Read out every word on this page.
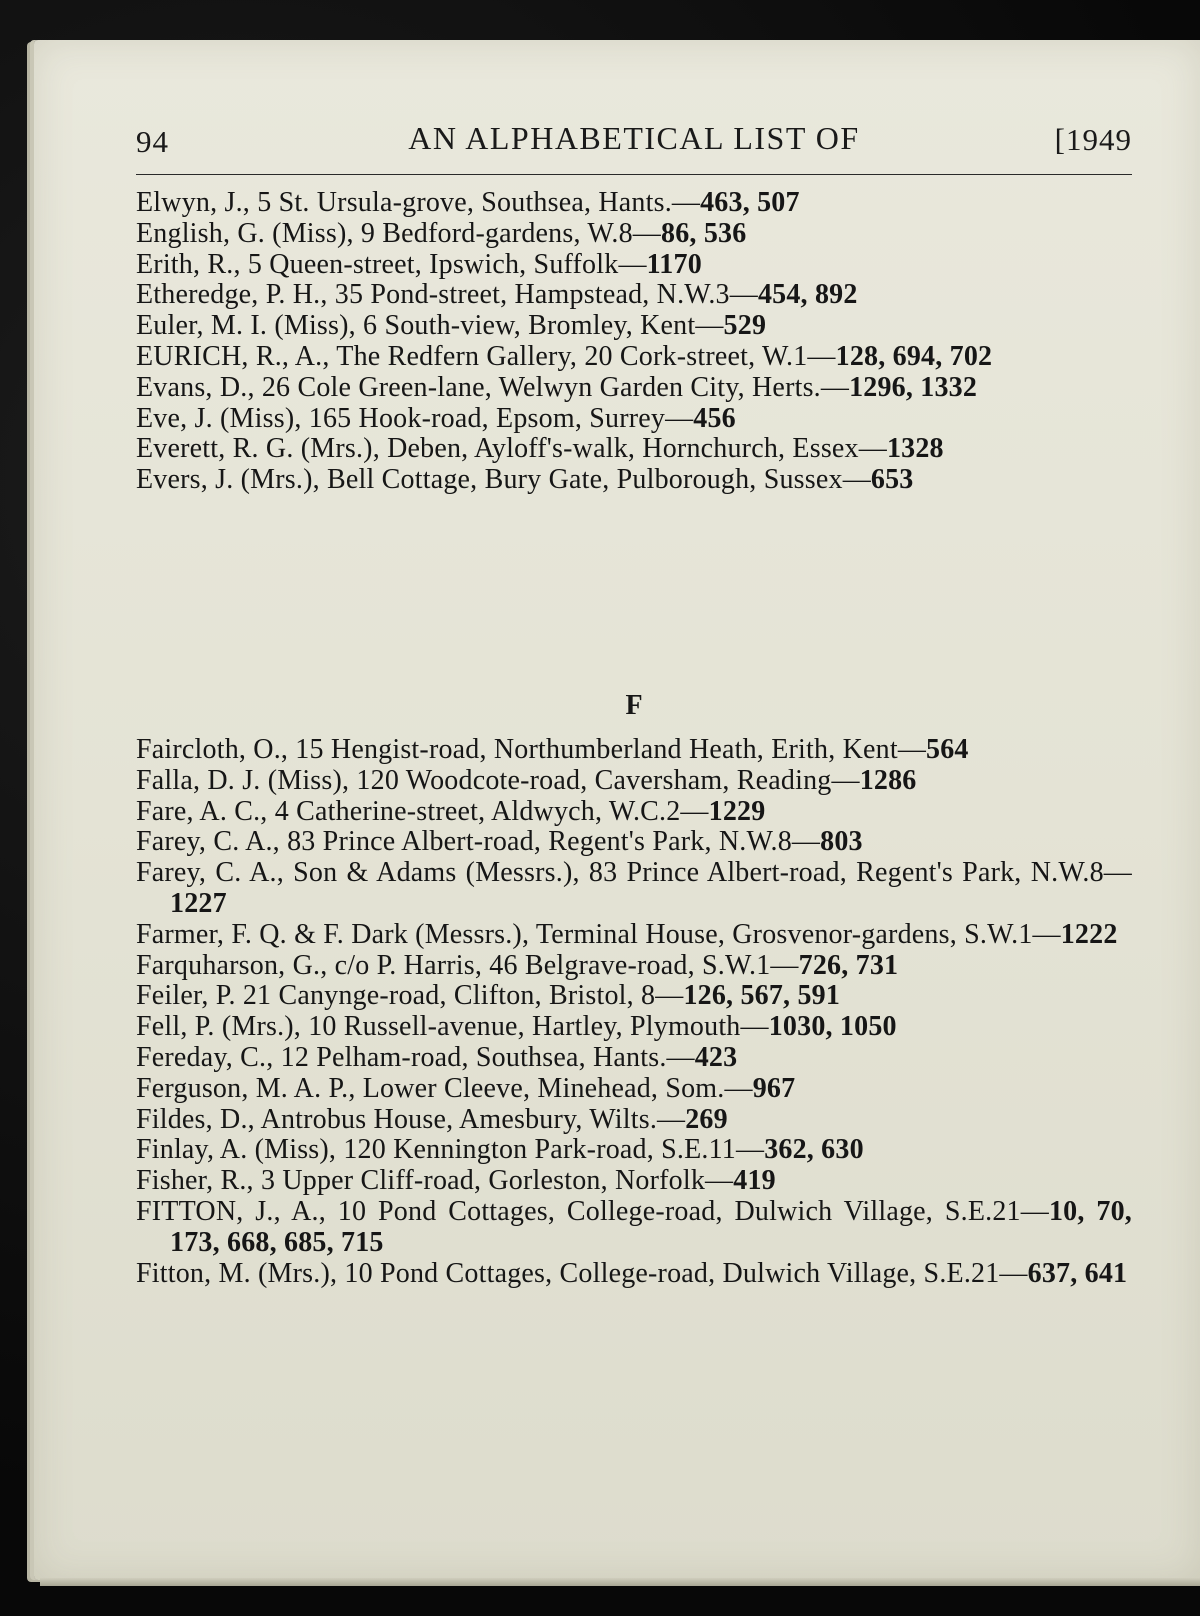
94	AN ALPHABETICAL LIST OF	[1949
Elwyn, J., 5 St. Ursula-grove, Southsea, Hants.—463, 507
English, G. (Miss), 9 Bedford-gardens, W.8—86, 536
Erith, R., 5 Queen-street, Ipswich, Suffolk—1170
Etheredge, P. H., 35 Pond-street, Hampstead, N.W.3—454, 892
Euler, M. I. (Miss), 6 South-view, Bromley, Kent—529
EURICH, R., A., The Redfern Gallery, 20 Cork-street, W.1—128, 694, 702
Evans, D., 26 Cole Green-lane, Welwyn Garden City, Herts.—1296, 1332
Eve, J. (Miss), 165 Hook-road, Epsom, Surrey—456
Everett, R. G. (Mrs.), Deben, Ayloff's-walk, Hornchurch, Essex—1328
Evers, J. (Mrs.), Bell Cottage, Bury Gate, Pulborough, Sussex—653
F
Faircloth, O., 15 Hengist-road, Northumberland Heath, Erith, Kent—564
Falla, D. J. (Miss), 120 Woodcote-road, Caversham, Reading—1286
Fare, A. C., 4 Catherine-street, Aldwych, W.C.2—1229
Farey, C. A., 83 Prince Albert-road, Regent's Park, N.W.8—803
Farey, C. A., Son & Adams (Messrs.), 83 Prince Albert-road, Regent's Park, N.W.8—1227
Farmer, F. Q. & F. Dark (Messrs.), Terminal House, Grosvenor-gardens, S.W.1—1222
Farquharson, G., c/o P. Harris, 46 Belgrave-road, S.W.1—726, 731
Feiler, P. 21 Canynge-road, Clifton, Bristol, 8—126, 567, 591
Fell, P. (Mrs.), 10 Russell-avenue, Hartley, Plymouth—1030, 1050
Fereday, C., 12 Pelham-road, Southsea, Hants.—423
Ferguson, M. A. P., Lower Cleeve, Minehead, Som.—967
Fildes, D., Antrobus House, Amesbury, Wilts.—269
Finlay, A. (Miss), 120 Kennington Park-road, S.E.11—362, 630
Fisher, R., 3 Upper Cliff-road, Gorleston, Norfolk—419
FITTON, J., A., 10 Pond Cottages, College-road, Dulwich Village, S.E.21—10, 70, 173, 668, 685, 715
Fitton, M. (Mrs.), 10 Pond Cottages, College-road, Dulwich Village, S.E.21—637, 641
